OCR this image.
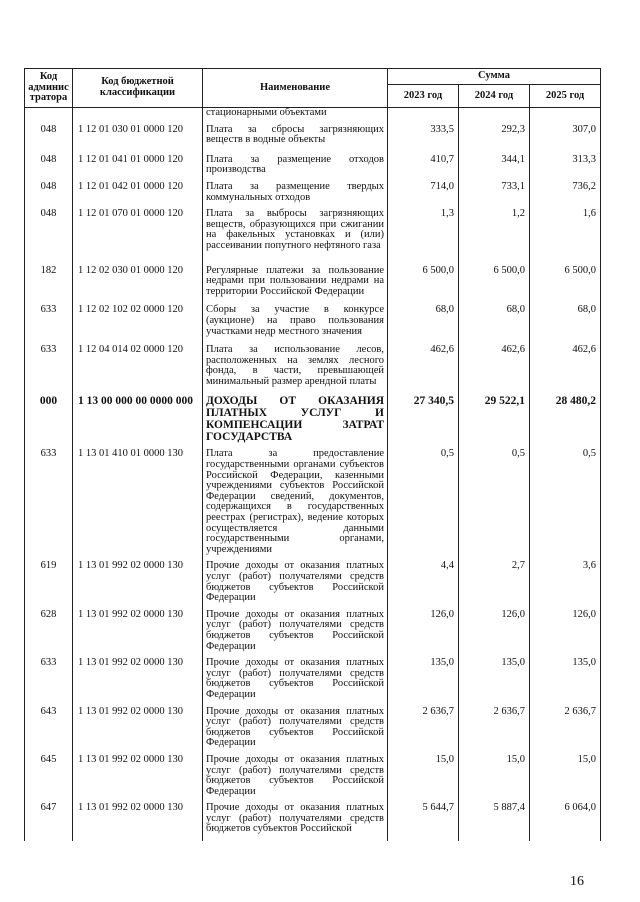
Код
админис
тратора	Код бюджетной классификации	Наименование	Сумма		
			2023 год	2024 год	2025 год
		стационарными объектами			
048	1 12 01 030 01 0000 120	Плата за сбросы загрязняющих веществ в водные объекты	333,5	292,3	307,0
048	1 12 01 041 01 0000 120	Плата за размещение отходов производства	410,7	344,1	313,3
048	1 12 01 042 01 0000 120	Плата за размещение твердых коммунальных отходов	714,0	733,1	736,2
048	1 12 01 070 01 0000 120	Плата за выбросы загрязняющих веществ, образующихся при сжигании на факельных установках и (или) рассеивании попутного нефтяного газа	1,3	1,2	1,6
182	1 12 02 030 01 0000 120	Регулярные платежи за пользование недрами при пользовании недрами на территории Российской Федерации	6 500,0	6 500,0	6 500,0
633	1 12 02 102 02 0000 120	Сборы за участие в конкурсе (аукционе) на право пользования участками недр местного значения	68,0	68,0	68,0
633	1 12 04 014 02 0000 120	Плата за использование лесов, расположенных на землях лесного фонда, в части, превышающей минимальный размер арендной платы	462,6	462,6	462,6
000	1 13 00 000 00 0000 000	ДОХОДЫ ОТ ОКАЗАНИЯ ПЛАТНЫХ УСЛУГ И КОМПЕНСАЦИИ ЗАТРАТ ГОСУДАРСТВА	27 340,5	29 522,1	28 480,2
633	1 13 01 410 01 0000 130	Плата за предоставление государственными органами субъектов Российской Федерации, казенными учреждениями субъектов Российской Федерации сведений, документов, содержащихся в государственных реестрах (регистрах), ведение которых осуществляется данными государственными органами, учреждениями	0,5	0,5	0,5
619	1 13 01 992 02 0000 130	Прочие доходы от оказания платных услуг (работ) получателями средств бюджетов субъектов Российской Федерации	4,4	2,7	3,6
628	1 13 01 992 02 0000 130	Прочие доходы от оказания платных услуг (работ) получателями средств бюджетов субъектов Российской Федерации	126,0	126,0	126,0
633	1 13 01 992 02 0000 130	Прочие доходы от оказания платных услуг (работ) получателями средств бюджетов субъектов Российской Федерации	135,0	135,0	135,0
643	1 13 01 992 02 0000 130	Прочие доходы от оказания платных услуг (работ) получателями средств бюджетов субъектов Российской Федерации	2 636,7	2 636,7	2 636,7
645	1 13 01 992 02 0000 130	Прочие доходы от оказания платных услуг (работ) получателями средств бюджетов субъектов Российской Федерации	15,0	15,0	15,0
647	1 13 01 992 02 0000 130	Прочие доходы от оказания платных услуг (работ) получателями средств бюджетов субъектов Российской	5 644,7	5 887,4	6 064,0
16
